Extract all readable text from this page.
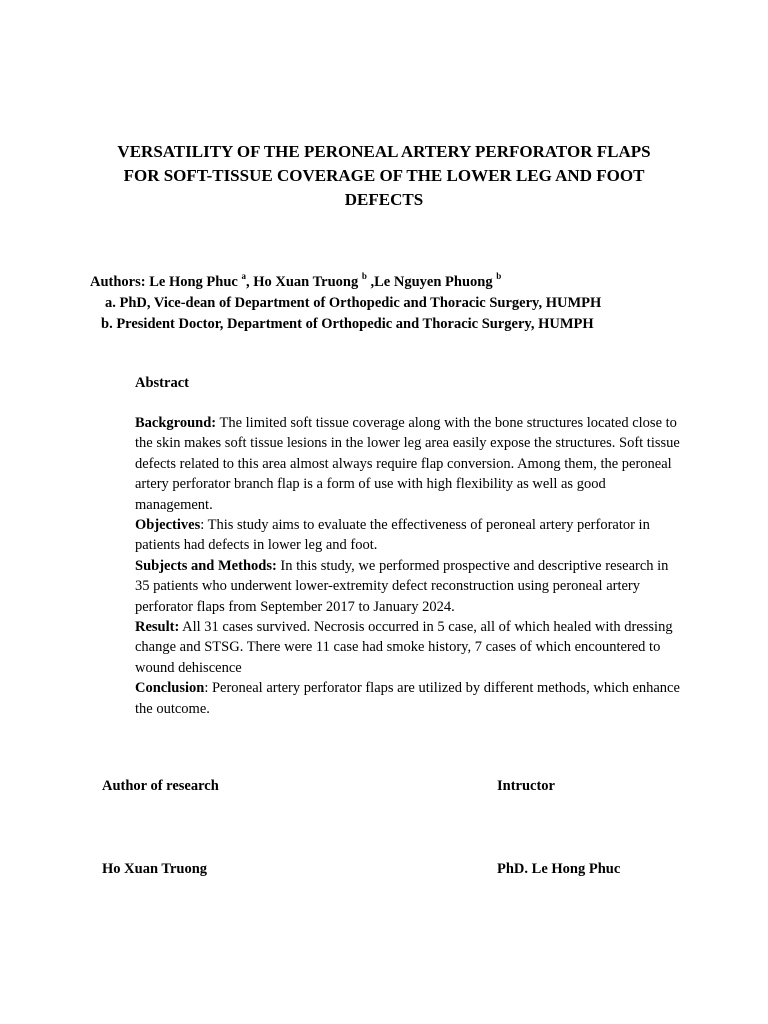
VERSATILITY OF THE PERONEAL ARTERY PERFORATOR FLAPS
FOR SOFT-TISSUE COVERAGE OF THE LOWER LEG AND FOOT
DEFECTS
Authors: Le Hong Phuc $^a$, Ho Xuan Truong $^b$ ,Le Nguyen Phuong $^b$
a. PhD, Vice-dean of Department of Orthopedic and Thoracic Surgery, HUMPH
b. President Doctor, Department of Orthopedic and Thoracic Surgery, HUMPH
Abstract

Background: The limited soft tissue coverage along with the bone structures located close to the skin makes soft tissue lesions in the lower leg area easily expose the structures. Soft tissue defects related to this area almost always require flap conversion. Among them, the peroneal artery perforator branch flap is a form of use with high flexibility as well as good management.

Objectives: This study aims to evaluate the effectiveness of peroneal artery perforator in patients had defects in lower leg and foot.

Subjects and Methods: In this study, we performed prospective and descriptive research in 35 patients who underwent lower-extremity defect reconstruction using peroneal artery perforator flaps from September 2017 to January 2024.

Result: All 31 cases survived. Necrosis occurred in 5 case, all of which healed with dressing change and STSG. There were 11 case had smoke history, 7 cases of which encountered to wound dehiscence

Conclusion: Peroneal artery perforator flaps are utilized by different methods, which enhance the outcome.

Author of research	Intructor
Ho Xuan Truong	PhD. Le Hong Phuc
